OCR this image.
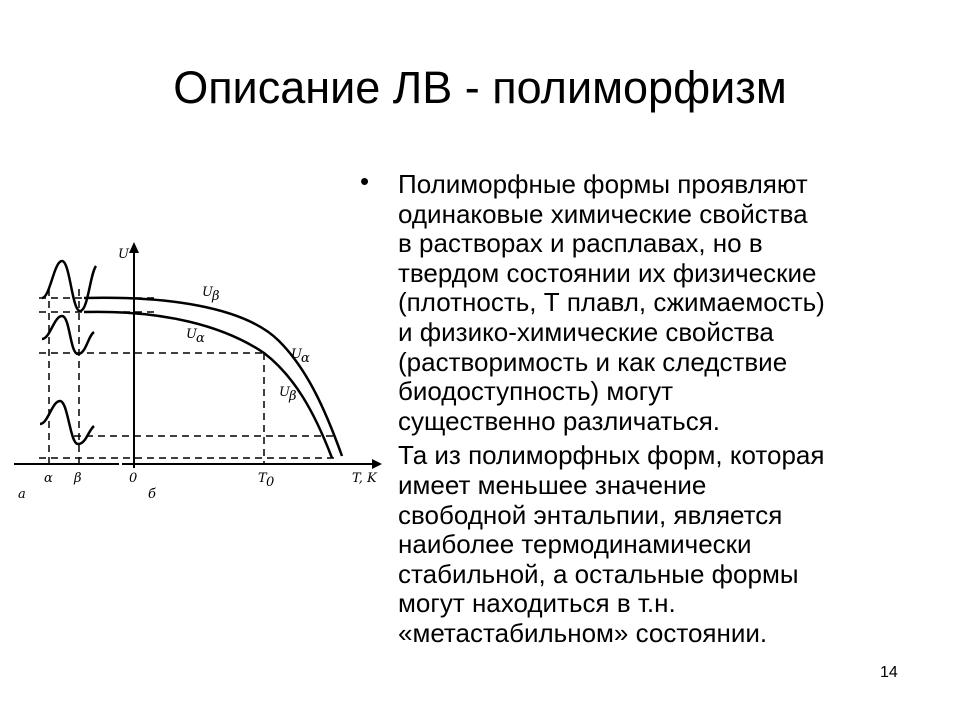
Описание ЛВ - полиморфизм
U
U β
U α
U α
U β
α β	0	T 0	T, K
a	б
• Полиморфные формы проявляют
одинаковые химические свойства
в растворах и расплавах, но в
твердом состоянии их физические
(плотность, Т плавл, сжимаемость)
и физико-химические свойства
(растворимость и как следствие
биодоступность) могут
существенно различаться.
Та из полиморфных форм, которая
имеет меньшее значение
свободной энтальпии, является
наиболее термодинамически
стабильной, а остальные формы
могут находиться в т.н.
«метастабильном» состоянии.
14
